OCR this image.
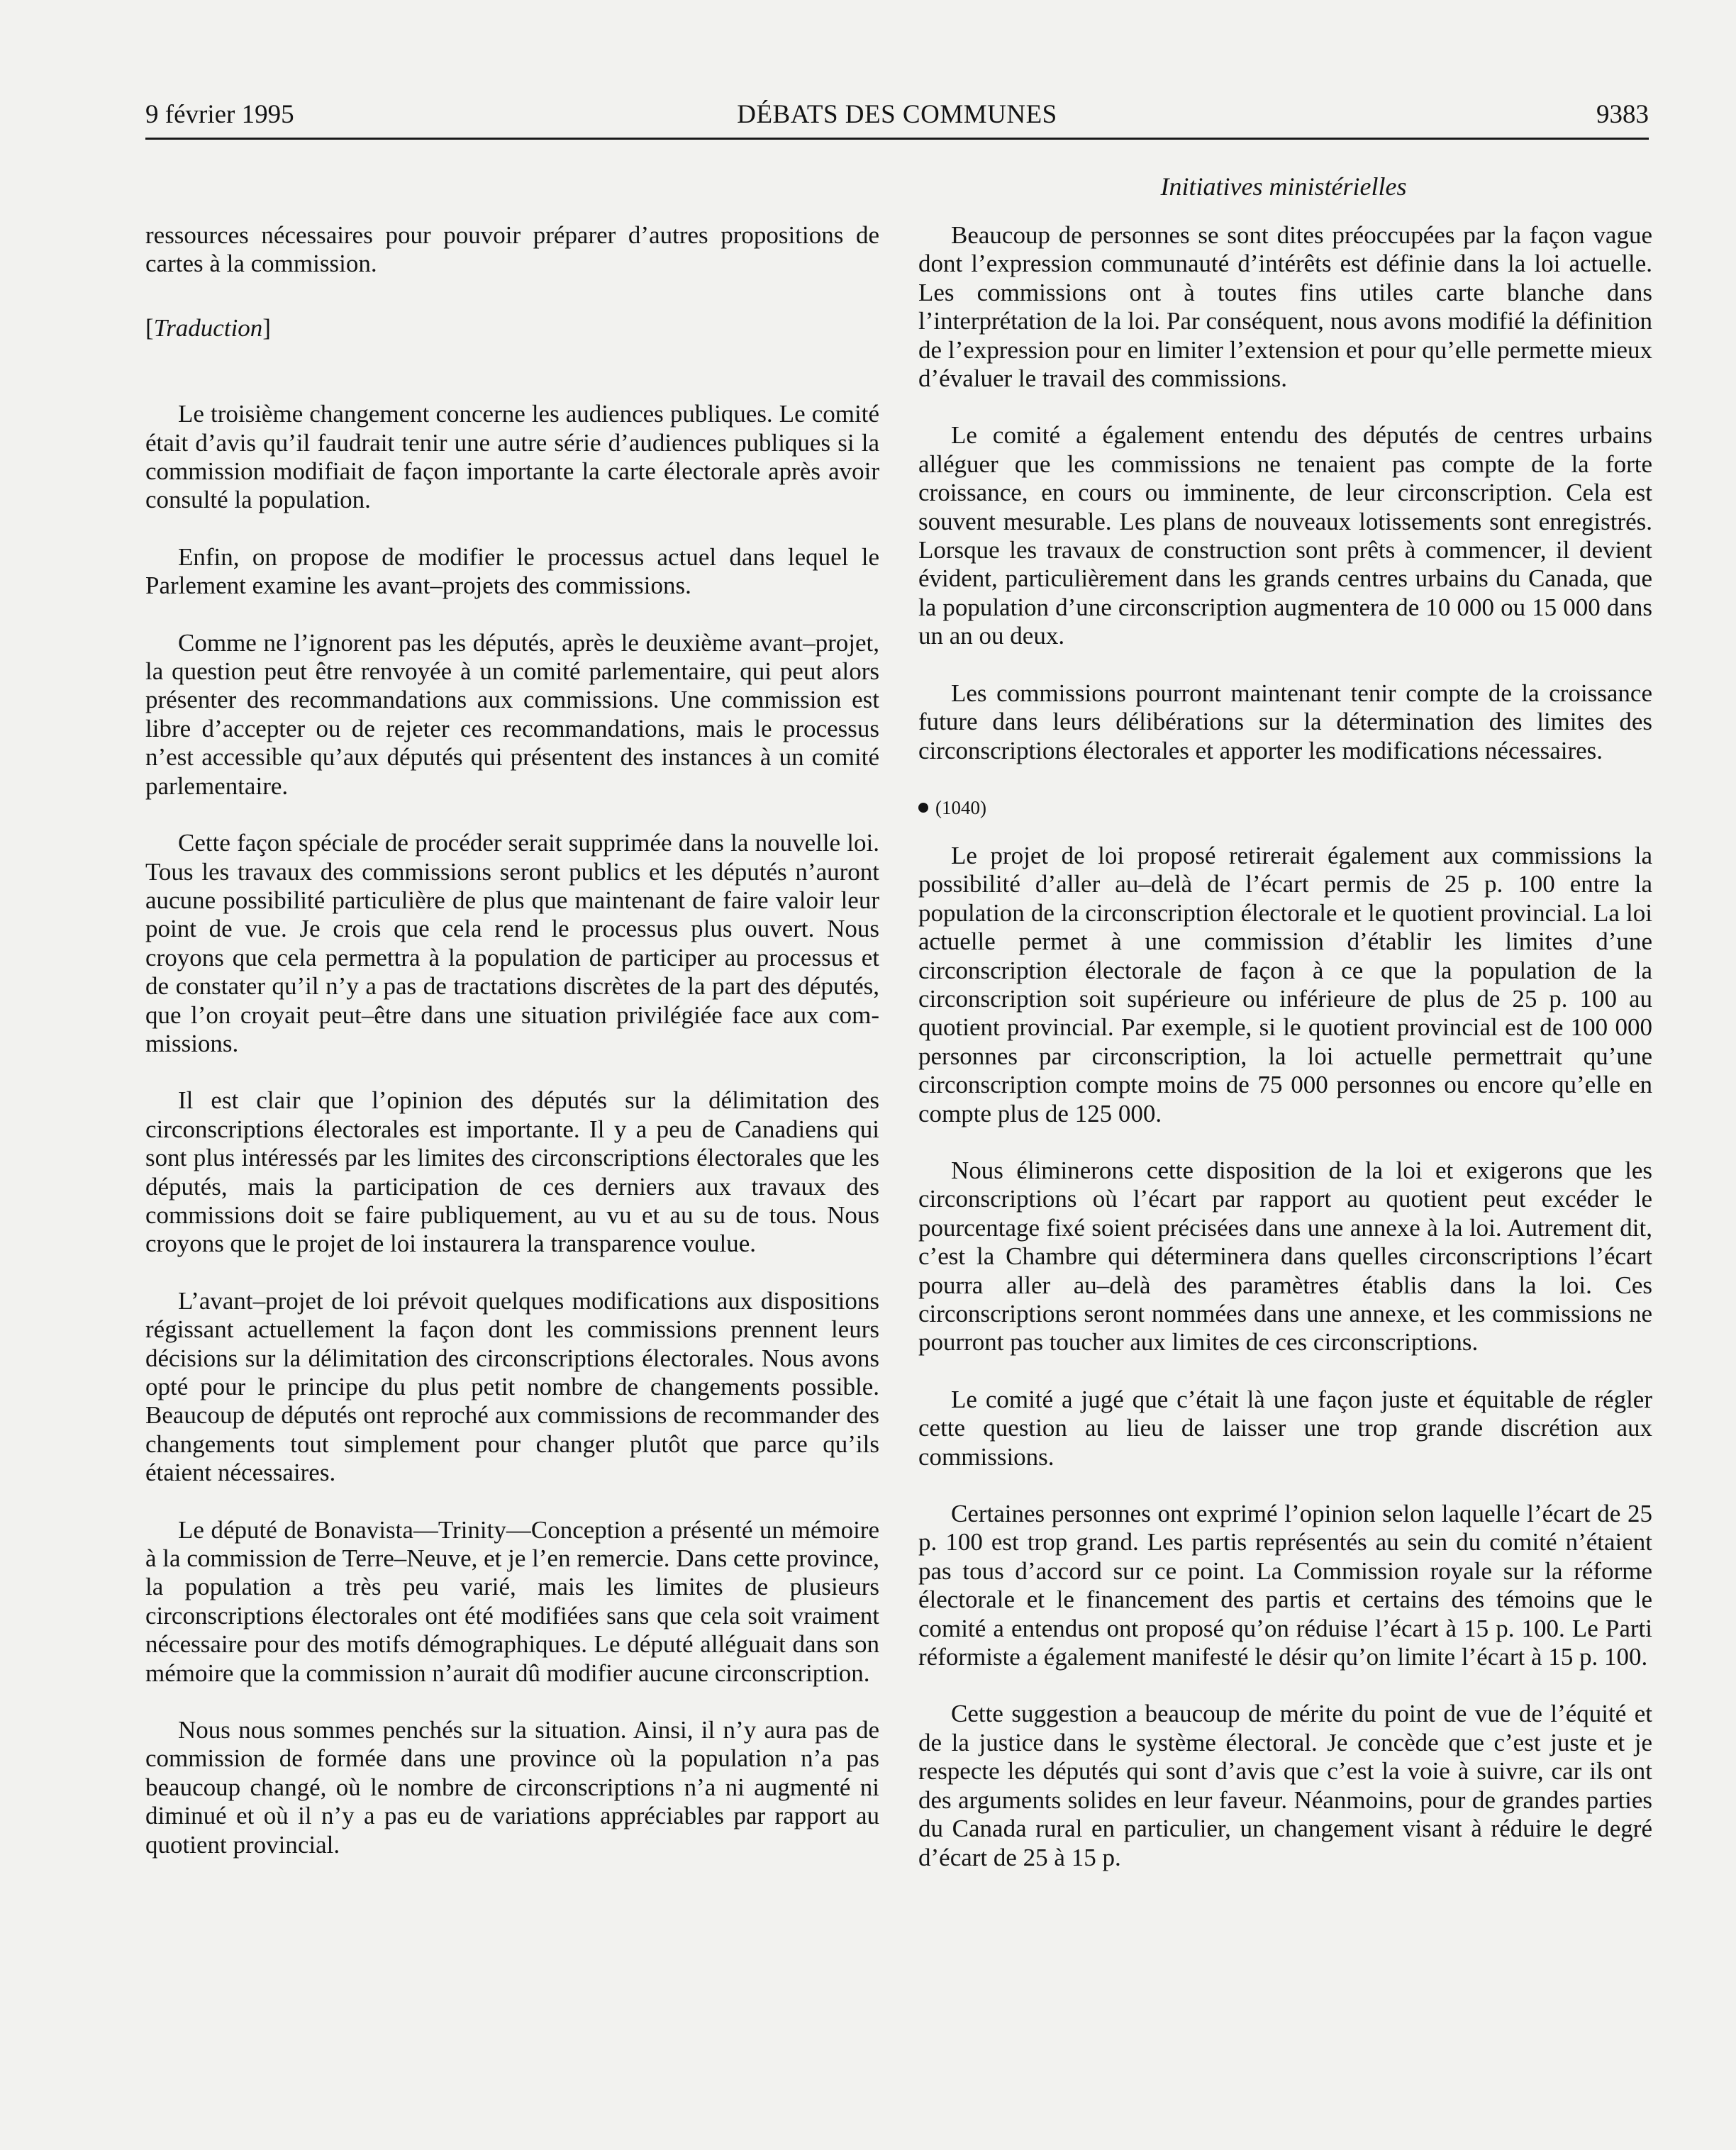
9 février 1995	DÉBATS DES COMMUNES	9383
Initiatives ministérielles

ressources nécessaires pour pouvoir préparer d’autres propositions de cartes à la commission.

[Traduction]

Le troisième changement concerne les audiences publiques. Le comité était d’avis qu’il faudrait tenir une autre série d’audiences publiques si la commission modifiait de façon importante la carte électorale après avoir consulté la population.

Enfin, on propose de modifier le processus actuel dans lequel le Parlement examine les avant–projets des commissions.

Comme ne l’ignorent pas les députés, après le deuxième avant–projet, la question peut être renvoyée à un comité parlementaire, qui peut alors présenter des recommandations aux commissions. Une commission est libre d’accepter ou de rejeter ces recommandations, mais le processus n’est accessible qu’aux députés qui présentent des instances à un comité parlementaire.

Cette façon spéciale de procéder serait supprimée dans la nouvelle loi. Tous les travaux des commissions seront publics et les députés n’auront aucune possibilité particulière de plus que maintenant de faire valoir leur point de vue. Je crois que cela rend le processus plus ouvert. Nous croyons que cela permettra à la population de participer au processus et de constater qu’il n’y a pas de tractations discrètes de la part des députés, que l’on croyait peut–être dans une situation privilégiée face aux commissions.

Il est clair que l’opinion des députés sur la délimitation des circonscriptions électorales est importante. Il y a peu de Canadiens qui sont plus intéressés par les limites des circonscriptions électorales que les députés, mais la participation de ces derniers aux travaux des commissions doit se faire publiquement, au vu et au su de tous. Nous croyons que le projet de loi instaurera la transparence voulue.

L’avant–projet de loi prévoit quelques modifications aux dispositions régissant actuellement la façon dont les commissions prennent leurs décisions sur la délimitation des circonscriptions électorales. Nous avons opté pour le principe du plus petit nombre de changements possible. Beaucoup de députés ont reproché aux commissions de recommander des changements tout simplement pour changer plutôt que parce qu’ils étaient nécessaires.

Le député de Bonavista—Trinity—Conception a présenté un mémoire à la commission de Terre–Neuve, et je l’en remercie. Dans cette province, la population a très peu varié, mais les limites de plusieurs circonscriptions électorales ont été modifiées sans que cela soit vraiment nécessaire pour des motifs démographiques. Le député alléguait dans son mémoire que la commission n’aurait dû modifier aucune circonscription.

Nous nous sommes penchés sur la situation. Ainsi, il n’y aura pas de commission de formée dans une province où la population n’a pas beaucoup changé, où le nombre de circonscriptions n’a ni augmenté ni diminué et où il n’y a pas eu de variations appréciables par rapport au quotient provincial.

Beaucoup de personnes se sont dites préoccupées par la façon vague dont l’expression communauté d’intérêts est définie dans la loi actuelle. Les commissions ont à toutes fins utiles carte blanche dans l’interprétation de la loi. Par conséquent, nous avons modifié la définition de l’expression pour en limiter l’extension et pour qu’elle permette mieux d’évaluer le travail des commissions.

Le comité a également entendu des députés de centres urbains alléguer que les commissions ne tenaient pas compte de la forte croissance, en cours ou imminente, de leur circonscription. Cela est souvent mesurable. Les plans de nouveaux lotissements sont enregistrés. Lorsque les travaux de construction sont prêts à commencer, il devient évident, particulièrement dans les grands centres urbains du Canada, que la population d’une circonscription augmentera de 10 000 ou 15 000 dans un an ou deux.

Les commissions pourront maintenant tenir compte de la croissance future dans leurs délibérations sur la détermination des limites des circonscriptions électorales et apporter les modifications nécessaires.

(1040)

Le projet de loi proposé retirerait également aux commissions la possibilité d’aller au–delà de l’écart permis de 25 p. 100 entre la population de la circonscription électorale et le quotient provincial. La loi actuelle permet à une commission d’établir les limites d’une circonscription électorale de façon à ce que la population de la circonscription soit supérieure ou inférieure de plus de 25 p. 100 au quotient provincial. Par exemple, si le quotient provincial est de 100 000 personnes par circonscription, la loi actuelle permettrait qu’une circonscription compte moins de 75 000 personnes ou encore qu’elle en compte plus de 125 000.

Nous éliminerons cette disposition de la loi et exigerons que les circonscriptions où l’écart par rapport au quotient peut excéder le pourcentage fixé soient précisées dans une annexe à la loi. Autrement dit, c’est la Chambre qui déterminera dans quelles circonscriptions l’écart pourra aller au–delà des paramètres établis dans la loi. Ces circonscriptions seront nommées dans une annexe, et les commissions ne pourront pas toucher aux limites de ces circonscriptions.

Le comité a jugé que c’était là une façon juste et équitable de régler cette question au lieu de laisser une trop grande discrétion aux commissions.

Certaines personnes ont exprimé l’opinion selon laquelle l’écart de 25 p. 100 est trop grand. Les partis représentés au sein du comité n’étaient pas tous d’accord sur ce point. La Commission royale sur la réforme électorale et le financement des partis et certains des témoins que le comité a entendus ont proposé qu’on réduise l’écart à 15 p. 100. Le Parti réformiste a également manifesté le désir qu’on limite l’écart à 15 p. 100.

Cette suggestion a beaucoup de mérite du point de vue de l’équité et de la justice dans le système électoral. Je concède que c’est juste et je respecte les députés qui sont d’avis que c’est la voie à suivre, car ils ont des arguments solides en leur faveur. Néanmoins, pour de grandes parties du Canada rural en particulier, un changement visant à réduire le degré d’écart de 25 à 15 p.
